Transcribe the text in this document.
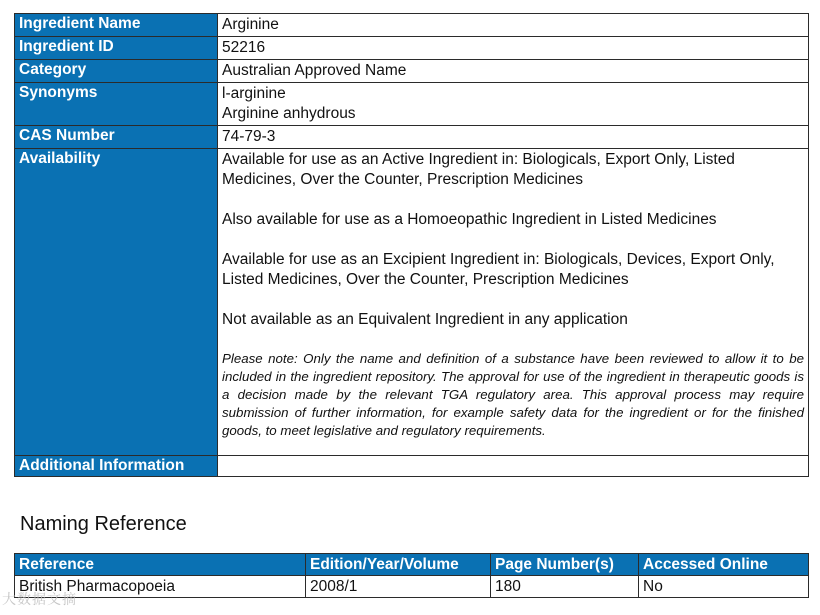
Ingredient Name	Arginine
Ingredient ID	52216
Category	Australian Approved Name
Synonyms	l-arginine
Arginine anhydrous

CAS Number	74-79-3
Availability	Available for use as an Active Ingredient in: Biologicals, Export Only, Listed Medicines, Over the Counter, Prescription Medicines

Also available for use as a Homoeopathic Ingredient in Listed Medicines

Available for use as an Excipient Ingredient in: Biologicals, Devices, Export Only, Listed Medicines, Over the Counter, Prescription Medicines

Not available as an Equivalent Ingredient in any application

Please note: Only the name and definition of a substance have been reviewed to allow it to be included in the ingredient repository. The approval for use of the ingredient in therapeutic goods is a decision made by the relevant TGA regulatory area. This approval process may require submission of further information, for example safety data for the ingredient or for the finished goods, to meet legislative and regulatory requirements.

Additional Information	
Naming Reference
Reference	Edition/Year/Volume	Page Number(s)	Accessed Online
British Pharmacopoeia	2008/1	180	No
大数据文摘
